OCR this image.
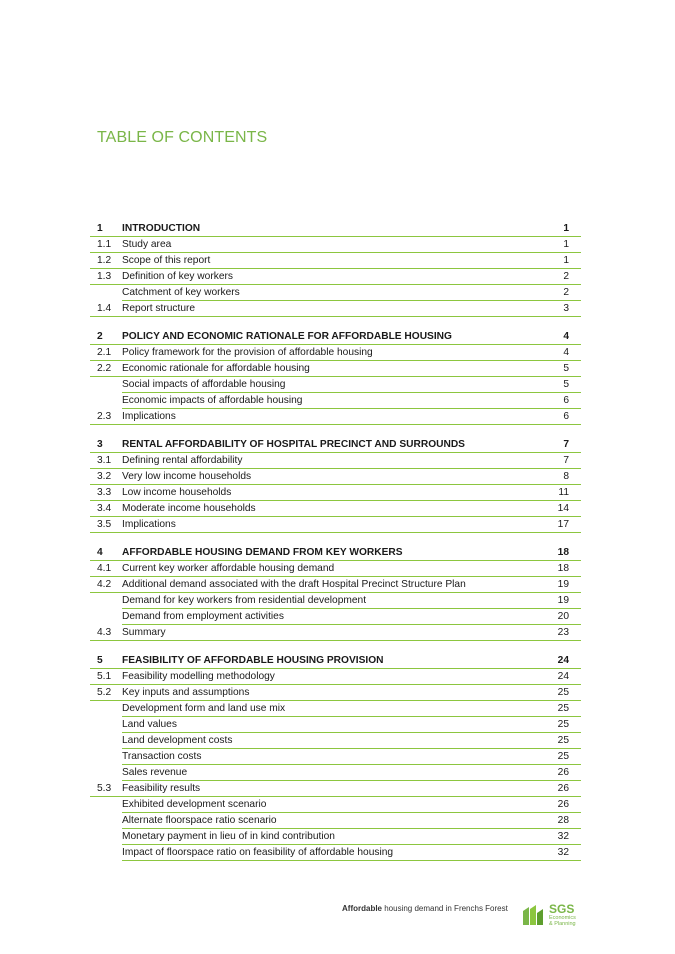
TABLE OF CONTENTS
1	INTRODUCTION	1
1.1	Study area	1
1.2	Scope of this report	1
1.3	Definition of key workers	2
Catchment of key workers	2
1.4	Report structure	3
2	POLICY AND ECONOMIC RATIONALE FOR AFFORDABLE HOUSING	4
2.1	Policy framework for the provision of affordable housing	4
2.2	Economic rationale for affordable housing	5
Social impacts of affordable housing	5
Economic impacts of affordable housing	6
2.3	Implications	6
3	RENTAL AFFORDABILITY OF HOSPITAL PRECINCT AND SURROUNDS	7
3.1	Defining rental affordability	7
3.2	Very low income households	8
3.3	Low income households	11
3.4	Moderate income households	14
3.5	Implications	17
4	AFFORDABLE HOUSING DEMAND FROM KEY WORKERS	18
4.1	Current key worker affordable housing demand	18
4.2	Additional demand associated with the draft Hospital Precinct Structure Plan	19
Demand for key workers from residential development	19
Demand from employment activities	20
4.3	Summary	23
5	FEASIBILITY OF AFFORDABLE HOUSING PROVISION	24
5.1	Feasibility modelling methodology	24
5.2	Key inputs and assumptions	25
Development form and land use mix	25
Land values	25
Land development costs	25
Transaction costs	25
Sales revenue	26
5.3	Feasibility results	26
Exhibited development scenario	26
Alternate floorspace ratio scenario	28
Monetary payment in lieu of in kind contribution	32
Impact of floorspace ratio on feasibility of affordable housing	32
Affordable housing demand in Frenchs Forest	SGS
Economics
& Planning
